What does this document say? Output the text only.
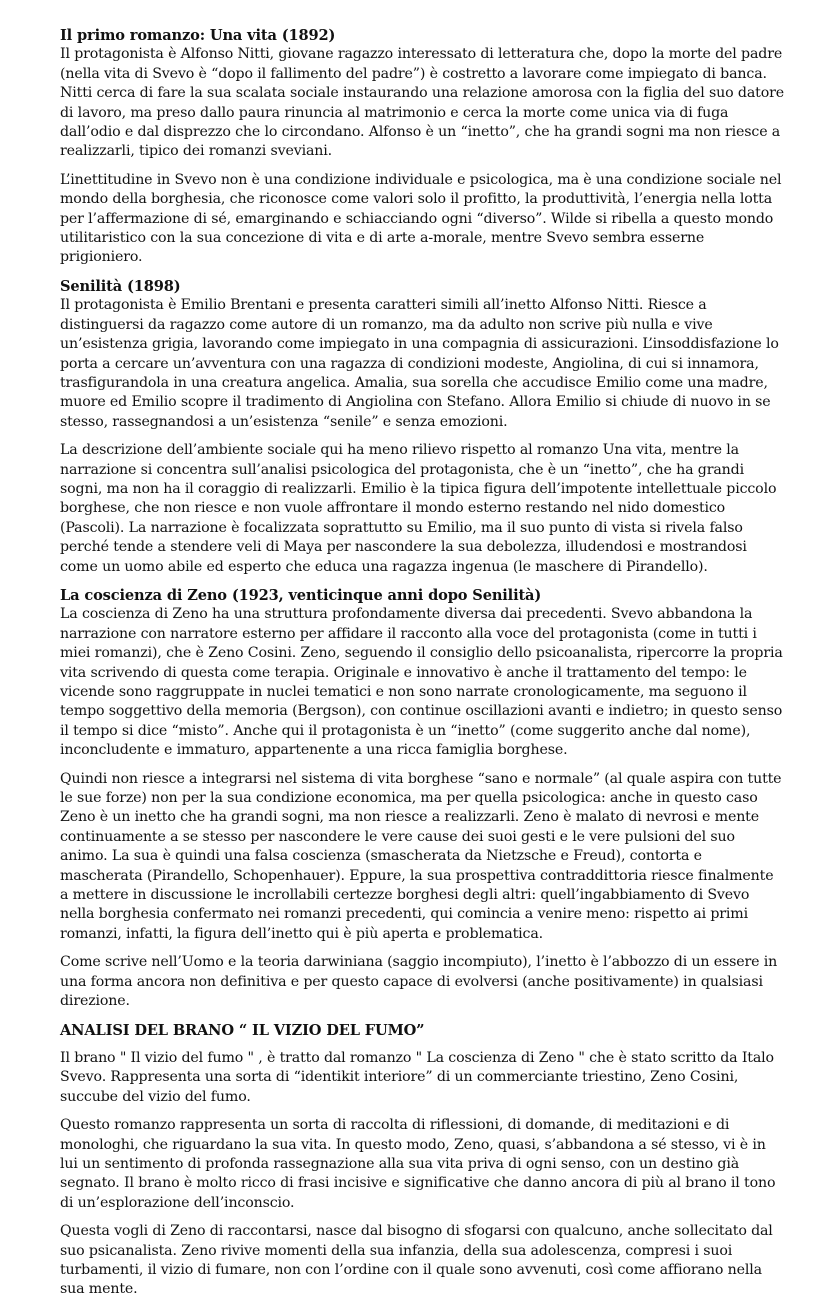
Il primo romanzo: Una vita (1892)

Il protagonista è Alfonso Nitti, giovane ragazzo interessato di letteratura che, dopo la morte del padre (nella vita di Svevo è “dopo il fallimento del padre”) è costretto a lavorare come impiegato di banca. Nitti cerca di fare la sua scalata sociale instaurando una relazione amorosa con la figlia del suo datore di lavoro, ma preso dallo paura rinuncia al matrimonio e cerca la morte come unica via di fuga dall’odio e dal disprezzo che lo circondano. Alfonso è un “inetto”, che ha grandi sogni ma non riesce a realizzarli, tipico dei romanzi sveviani.

L’inettitudine in Svevo non è una condizione individuale e psicologica, ma è una condizione sociale nel mondo della borghesia, che riconosce come valori solo il profitto, la produttività, l’energia nella lotta per l’affermazione di sé, emarginando e schiacciando ogni “diverso”. Wilde si ribella a questo mondo utilitaristico con la sua concezione di vita e di arte a-morale, mentre Svevo sembra esserne prigioniero.

Senilità (1898)

Il protagonista è Emilio Brentani e presenta caratteri simili all’inetto Alfonso Nitti. Riesce a distinguersi da ragazzo come autore di un romanzo, ma da adulto non scrive più nulla e vive un’esistenza grigia, lavorando come impiegato in una compagnia di assicurazioni. L’insoddisfazione lo porta a cercare un’avventura con una ragazza di condizioni modeste, Angiolina, di cui si innamora, trasfigurandola in una creatura angelica. Amalia, sua sorella che accudisce Emilio come una madre, muore ed Emilio scopre il tradimento di Angiolina con Stefano. Allora Emilio si chiude di nuovo in se stesso, rassegnandosi a un’esistenza “senile” e senza emozioni.

La descrizione dell’ambiente sociale qui ha meno rilievo rispetto al romanzo Una vita, mentre la narrazione si concentra sull’analisi psicologica del protagonista, che è un “inetto”, che ha grandi sogni, ma non ha il coraggio di realizzarli. Emilio è la tipica figura dell’impotente intellettuale piccolo borghese, che non riesce e non vuole affrontare il mondo esterno restando nel nido domestico (Pascoli). La narrazione è focalizzata soprattutto su Emilio, ma il suo punto di vista si rivela falso perché tende a stendere veli di Maya per nascondere la sua debolezza, illudendosi e mostrandosi come un uomo abile ed esperto che educa una ragazza ingenua (le maschere di Pirandello).

La coscienza di Zeno (1923, venticinque anni dopo Senilità)

La coscienza di Zeno ha una struttura profondamente diversa dai precedenti. Svevo abbandona la narrazione con narratore esterno per affidare il racconto alla voce del protagonista (come in tutti i miei romanzi), che è Zeno Cosini. Zeno, seguendo il consiglio dello psicoanalista, ripercorre la propria vita scrivendo di questa come terapia. Originale e innovativo è anche il trattamento del tempo: le vicende sono raggruppate in nuclei tematici e non sono narrate cronologicamente, ma seguono il tempo soggettivo della memoria (Bergson), con continue oscillazioni avanti e indietro; in questo senso il tempo si dice “misto”. Anche qui il protagonista è un “inetto” (come suggerito anche dal nome), inconcludente e immaturo, appartenente a una ricca famiglia borghese.

Quindi non riesce a integrarsi nel sistema di vita borghese “sano e normale” (al quale aspira con tutte le sue forze) non per la sua condizione economica, ma per quella psicologica: anche in questo caso Zeno è un inetto che ha grandi sogni, ma non riesce a realizzarli. Zeno è malato di nevrosi e mente continuamente a se stesso per nascondere le vere cause dei suoi gesti e le vere pulsioni del suo animo. La sua è quindi una falsa coscienza (smascherata da Nietzsche e Freud), contorta e mascherata (Pirandello, Schopenhauer). Eppure, la sua prospettiva contraddittoria riesce finalmente a mettere in discussione le incrollabili certezze borghesi degli altri: quell’ingabbiamento di Svevo nella borghesia confermato nei romanzi precedenti, qui comincia a venire meno: rispetto ai primi romanzi, infatti, la figura dell’inetto qui è più aperta e problematica.

Come scrive nell’Uomo e la teoria darwiniana (saggio incompiuto), l’inetto è l’abbozzo di un essere in una forma ancora non definitiva e per questo capace di evolversi (anche positivamente) in qualsiasi direzione.

ANALISI DEL BRANO “ IL VIZIO DEL FUMO”

Il brano " Il vizio del fumo " , è tratto dal romanzo " La coscienza di Zeno " che è stato scritto da Italo Svevo. Rappresenta una sorta di “identikit interiore” di un commerciante triestino, Zeno Cosini, succube del vizio del fumo.

Questo romanzo rappresenta un sorta di raccolta di riflessioni, di domande, di meditazioni e di monologhi, che riguardano la sua vita. In questo modo, Zeno, quasi, s’abbandona a sé stesso, vi è in lui un sentimento di profonda rassegnazione alla sua vita priva di ogni senso, con un destino già segnato. Il brano è molto ricco di frasi incisive e significative che danno ancora di più al brano il tono di un’esplorazione dell’inconscio.

Questa vogli di Zeno di raccontarsi, nasce dal bisogno di sfogarsi con qualcuno, anche sollecitato dal suo psicanalista. Zeno rivive momenti della sua infanzia, della sua adolescenza, compresi i suoi turbamenti, il vizio di fumare, non con l’ordine con il quale sono avvenuti, così come affiorano nella sua mente.
